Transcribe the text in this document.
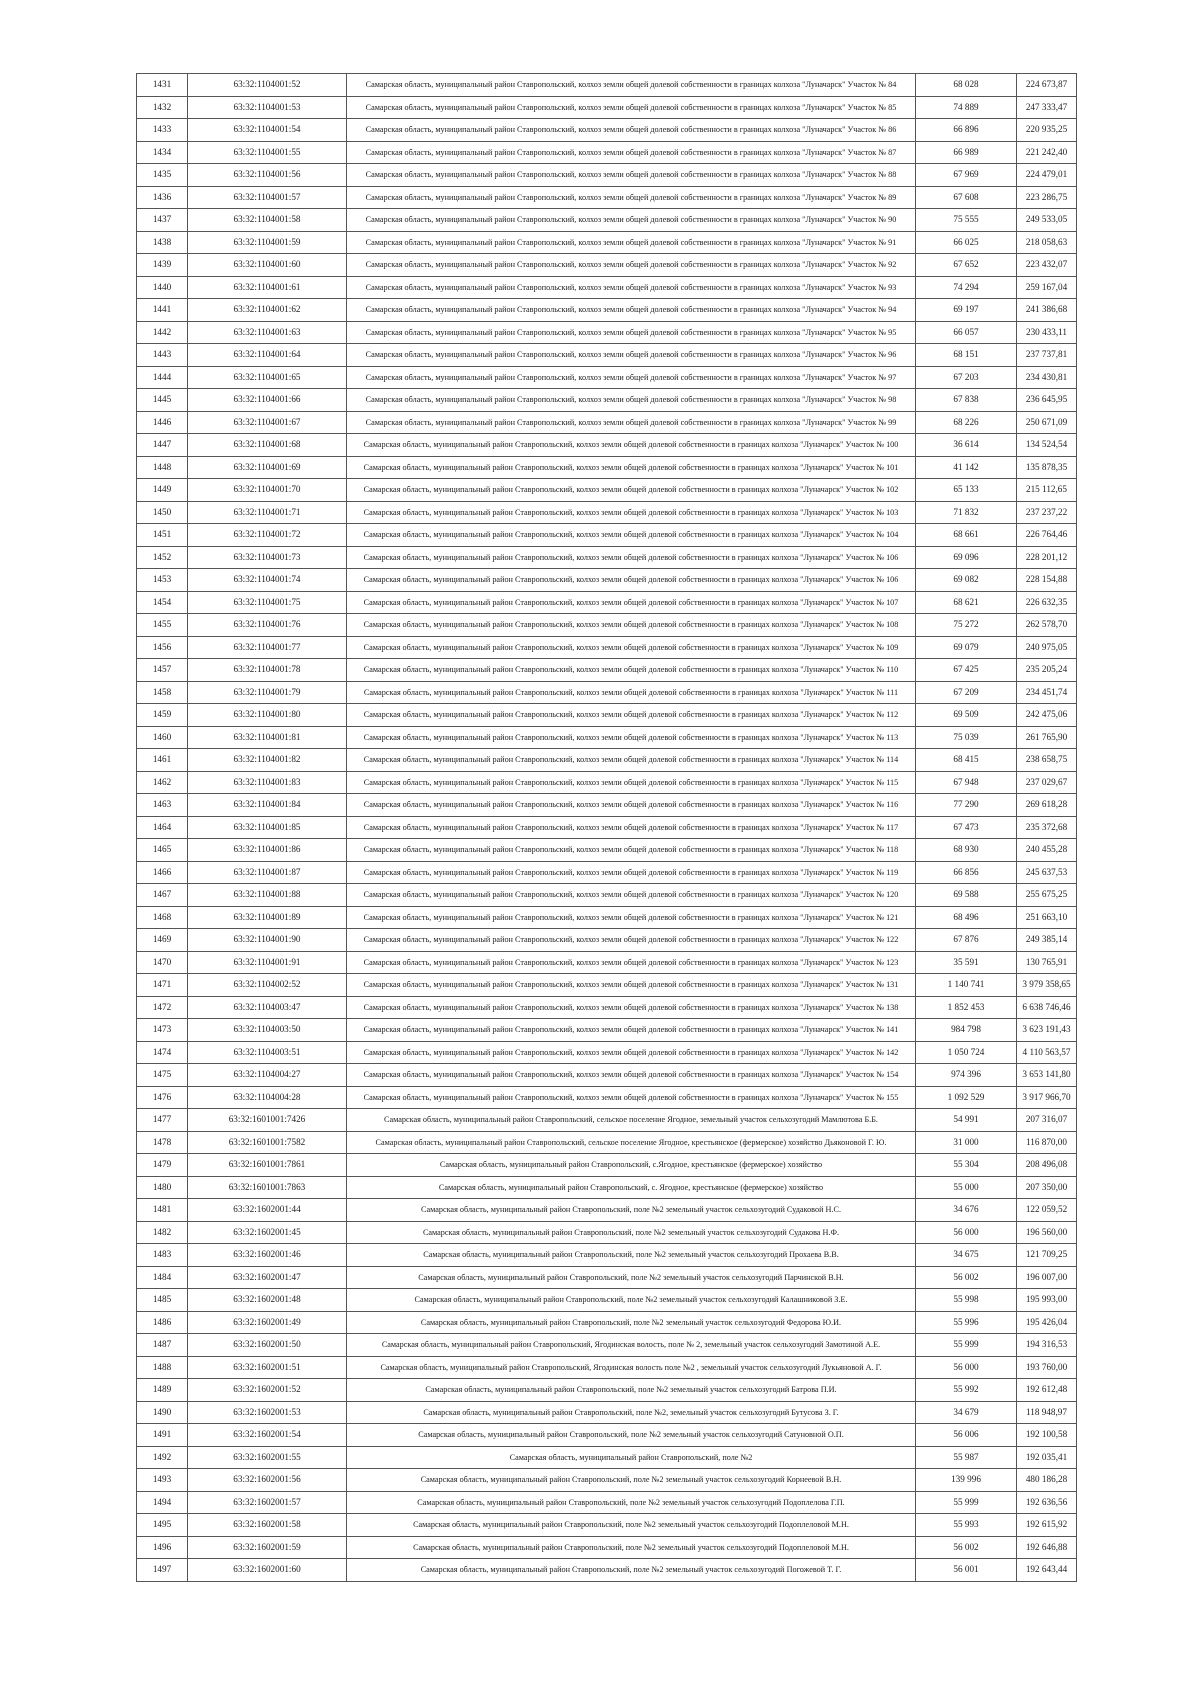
1431	63:32:1104001:52	Самарская область, муниципальный район Ставропольский, колхоз земли общей долевой собственности в границах колхоза "Луначарск" Участок № 84	68 028	224 673,87
1432	63:32:1104001:53	Самарская область, муниципальный район Ставропольский, колхоз земли общей долевой собственности в границах колхоза "Луначарск" Участок № 85	74 889	247 333,47
1433	63:32:1104001:54	Самарская область, муниципальный район Ставропольский, колхоз земли общей долевой собственности в границах колхоза "Луначарск" Участок № 86	66 896	220 935,25
1434	63:32:1104001:55	Самарская область, муниципальный район Ставропольский, колхоз земли общей долевой собственности в границах колхоза "Луначарск" Участок № 87	66 989	221 242,40
1435	63:32:1104001:56	Самарская область, муниципальный район Ставропольский, колхоз земли общей долевой собственности в границах колхоза "Луначарск" Участок № 88	67 969	224 479,01
1436	63:32:1104001:57	Самарская область, муниципальный район Ставропольский, колхоз земли общей долевой собственности в границах колхоза "Луначарск" Участок № 89	67 608	223 286,75
1437	63:32:1104001:58	Самарская область, муниципальный район Ставропольский, колхоз земли общей долевой собственности в границах колхоза "Луначарск" Участок № 90	75 555	249 533,05
1438	63:32:1104001:59	Самарская область, муниципальный район Ставропольский, колхоз земли общей долевой собственности в границах колхоза "Луначарск" Участок № 91	66 025	218 058,63
1439	63:32:1104001:60	Самарская область, муниципальный район Ставропольский, колхоз земли общей долевой собственности в границах колхоза "Луначарск" Участок № 92	67 652	223 432,07
1440	63:32:1104001:61	Самарская область, муниципальный район Ставропольский, колхоз земли общей долевой собственности в границах колхоза "Луначарск" Участок № 93	74 294	259 167,04
1441	63:32:1104001:62	Самарская область, муниципальный район Ставропольский, колхоз земли общей долевой собственности в границах колхоза "Луначарск" Участок № 94	69 197	241 386,68
1442	63:32:1104001:63	Самарская область, муниципальный район Ставропольский, колхоз земли общей долевой собственности в границах колхоза "Луначарск" Участок № 95	66 057	230 433,11
1443	63:32:1104001:64	Самарская область, муниципальный район Ставропольский, колхоз земли общей долевой собственности в границах колхоза "Луначарск" Участок № 96	68 151	237 737,81
1444	63:32:1104001:65	Самарская область, муниципальный район Ставропольский, колхоз земли общей долевой собственности в границах колхоза "Луначарск" Участок № 97	67 203	234 430,81
1445	63:32:1104001:66	Самарская область, муниципальный район Ставропольский, колхоз земли общей долевой собственности в границах колхоза "Луначарск" Участок № 98	67 838	236 645,95
1446	63:32:1104001:67	Самарская область, муниципальный район Ставропольский, колхоз земли общей долевой собственности в границах колхоза "Луначарск" Участок № 99	68 226	250 671,09
1447	63:32:1104001:68	Самарская область, муниципальный район Ставропольский, колхоз земли общей долевой собственности в границах колхоза "Луначарск" Участок № 100	36 614	134 524,54
1448	63:32:1104001:69	Самарская область, муниципальный район Ставропольский, колхоз земли общей долевой собственности в границах колхоза "Луначарск" Участок № 101	41 142	135 878,35
1449	63:32:1104001:70	Самарская область, муниципальный район Ставропольский, колхоз земли общей долевой собственности в границах колхоза "Луначарск" Участок № 102	65 133	215 112,65
1450	63:32:1104001:71	Самарская область, муниципальный район Ставропольский, колхоз земли общей долевой собственности в границах колхоза "Луначарск" Участок № 103	71 832	237 237,22
1451	63:32:1104001:72	Самарская область, муниципальный район Ставропольский, колхоз земли общей долевой собственности в границах колхоза "Луначарск" Участок № 104	68 661	226 764,46
1452	63:32:1104001:73	Самарская область, муниципальный район Ставропольский, колхоз земли общей долевой собственности в границах колхоза "Луначарск" Участок № 106	69 096	228 201,12
1453	63:32:1104001:74	Самарская область, муниципальный район Ставропольский, колхоз земли общей долевой собственности в границах колхоза "Луначарск" Участок № 106	69 082	228 154,88
1454	63:32:1104001:75	Самарская область, муниципальный район Ставропольский, колхоз земли общей долевой собственности в границах колхоза "Луначарск" Участок № 107	68 621	226 632,35
1455	63:32:1104001:76	Самарская область, муниципальный район Ставропольский, колхоз земли общей долевой собственности в границах колхоза "Луначарск" Участок № 108	75 272	262 578,70
1456	63:32:1104001:77	Самарская область, муниципальный район Ставропольский, колхоз земли общей долевой собственности в границах колхоза "Луначарск" Участок № 109	69 079	240 975,05
1457	63:32:1104001:78	Самарская область, муниципальный район Ставропольский, колхоз земли общей долевой собственности в границах колхоза "Луначарск" Участок № 110	67 425	235 205,24
1458	63:32:1104001:79	Самарская область, муниципальный район Ставропольский, колхоз земли общей долевой собственности в границах колхоза "Луначарск" Участок № 111	67 209	234 451,74
1459	63:32:1104001:80	Самарская область, муниципальный район Ставропольский, колхоз земли общей долевой собственности в границах колхоза "Луначарск" Участок № 112	69 509	242 475,06
1460	63:32:1104001:81	Самарская область, муниципальный район Ставропольский, колхоз земли общей долевой собственности в границах колхоза "Луначарск" Участок № 113	75 039	261 765,90
1461	63:32:1104001:82	Самарская область, муниципальный район Ставропольский, колхоз земли общей долевой собственности в границах колхоза "Луначарск" Участок № 114	68 415	238 658,75
1462	63:32:1104001:83	Самарская область, муниципальный район Ставропольский, колхоз земли общей долевой собственности в границах колхоза "Луначарск" Участок № 115	67 948	237 029,67
1463	63:32:1104001:84	Самарская область, муниципальный район Ставропольский, колхоз земли общей долевой собственности в границах колхоза "Луначарск" Участок № 116	77 290	269 618,28
1464	63:32:1104001:85	Самарская область, муниципальный район Ставропольский, колхоз земли общей долевой собственности в границах колхоза "Луначарск" Участок № 117	67 473	235 372,68
1465	63:32:1104001:86	Самарская область, муниципальный район Ставропольский, колхоз земли общей долевой собственности в границах колхоза "Луначарск" Участок № 118	68 930	240 455,28
1466	63:32:1104001:87	Самарская область, муниципальный район Ставропольский, колхоз земли общей долевой собственности в границах колхоза "Луначарск" Участок № 119	66 856	245 637,53
1467	63:32:1104001:88	Самарская область, муниципальный район Ставропольский, колхоз земли общей долевой собственности в границах колхоза "Луначарск" Участок № 120	69 588	255 675,25
1468	63:32:1104001:89	Самарская область, муниципальный район Ставропольский, колхоз земли общей долевой собственности в границах колхоза "Луначарск" Участок № 121	68 496	251 663,10
1469	63:32:1104001:90	Самарская область, муниципальный район Ставропольский, колхоз земли общей долевой собственности в границах колхоза "Луначарск" Участок № 122	67 876	249 385,14
1470	63:32:1104001:91	Самарская область, муниципальный район Ставропольский, колхоз земли общей долевой собственности в границах колхоза "Луначарск" Участок № 123	35 591	130 765,91
1471	63:32:1104002:52	Самарская область, муниципальный район Ставропольский, колхоз земли общей долевой собственности в границах колхоза "Луначарск" Участок № 131	1 140 741	3 979 358,65
1472	63:32:1104003:47	Самарская область, муниципальный район Ставропольский, колхоз земли общей долевой собственности в границах колхоза "Луначарск" Участок № 138	1 852 453	6 638 746,46
1473	63:32:1104003:50	Самарская область, муниципальный район Ставропольский, колхоз земли общей долевой собственности в границах колхоза "Луначарск" Участок № 141	984 798	3 623 191,43
1474	63:32:1104003:51	Самарская область, муниципальный район Ставропольский, колхоз земли общей долевой собственности в границах колхоза "Луначарск" Участок № 142	1 050 724	4 110 563,57
1475	63:32:1104004:27	Самарская область, муниципальный район Ставропольский, колхоз земли общей долевой собственности в границах колхоза "Луначарск" Участок № 154	974 396	3 653 141,80
1476	63:32:1104004:28	Самарская область, муниципальный район Ставропольский, колхоз земли общей долевой собственности в границах колхоза "Луначарск" Участок № 155	1 092 529	3 917 966,70
1477	63:32:1601001:7426	Самарская область, муниципальный район Ставропольский, сельское поселение Ягодное, земельный участок сельхозугодий Мамлютова Б.Б.	54 991	207 316,07
1478	63:32:1601001:7582	Самарская область, муниципальный район Ставропольский, сельское поселение Ягодное, крестьянское (фермерское) хозяйство Дьяконовой Г. Ю.	31 000	116 870,00
1479	63:32:1601001:7861	Самарская область, муниципальный район Ставропольский, с.Ягодное, крестьянское (фермерское) хозяйство	55 304	208 496,08
1480	63:32:1601001:7863	Самарская область, муниципальный район Ставропольский, с. Ягодное, крестьянское (фермерское) хозяйство	55 000	207 350,00
1481	63:32:1602001:44	Самарская область, муниципальный район Ставропольский, поле №2 земельный участок сельхозугодий Судаковой Н.С.	34 676	122 059,52
1482	63:32:1602001:45	Самарская область, муниципальный район Ставропольский, поле №2 земельный участок сельхозугодий Судакова Н.Ф.	56 000	196 560,00
1483	63:32:1602001:46	Самарская область, муниципальный район Ставропольский, поле №2 земельный участок сельхозугодий Прохаева В.В.	34 675	121 709,25
1484	63:32:1602001:47	Самарская область, муниципальный район Ставропольский, поле №2 земельный участок сельхозугодий Парчинской В.Н.	56 002	196 007,00
1485	63:32:1602001:48	Самарская область, муниципальный район Ставропольский, поле №2 земельный участок сельхозугодий Калашниковой З.Е.	55 998	195 993,00
1486	63:32:1602001:49	Самарская область, муниципальный район Ставропольский, поле №2 земельный участок сельхозугодий Федорова Ю.И.	55 996	195 426,04
1487	63:32:1602001:50	Самарская область, муниципальный район Ставропольский, Ягодинская волость, поле № 2, земельный участок сельхозугодий Замотиной А.Е.	55 999	194 316,53
1488	63:32:1602001:51	Самарская область, муниципальный район Ставропольский, Ягодинская волость поле №2 , земельный участок сельхозугодий Лукьяновой А. Г.	56 000	193 760,00
1489	63:32:1602001:52	Самарская область, муниципальный район Ставропольский, поле №2 земельный участок сельхозугодий Батрова П.И.	55 992	192 612,48
1490	63:32:1602001:53	Самарская область, муниципальный район Ставропольский, поле №2, земельный участок сельхозугодий Бутусова З. Г.	34 679	118 948,97
1491	63:32:1602001:54	Самарская область, муниципальный район Ставропольский, поле №2 земельный участок сельхозугодий Сатуновной О.П.	56 006	192 100,58
1492	63:32:1602001:55	Самарская область, муниципальный район Ставропольский, поле №2	55 987	192 035,41
1493	63:32:1602001:56	Самарская область, муниципальный район Ставропольский, поле №2 земельный участок сельхозугодий Корнеевой В.Н.	139 996	480 186,28
1494	63:32:1602001:57	Самарская область, муниципальный район Ставропольский, поле №2 земельный участок сельхозугодий Подоплелова Г.П.	55 999	192 636,56
1495	63:32:1602001:58	Самарская область, муниципальный район Ставропольский, поле №2 земельный участок сельхозугодий Подоплеловой М.Н.	55 993	192 615,92
1496	63:32:1602001:59	Самарская область, муниципальный район Ставропольский, поле №2 земельный участок сельхозугодий Подоплеловой М.Н.	56 002	192 646,88
1497	63:32:1602001:60	Самарская область, муниципальный район Ставропольский, поле №2 земельный участок сельхозугодий Погожевой Т. Г.	56 001	192 643,44
